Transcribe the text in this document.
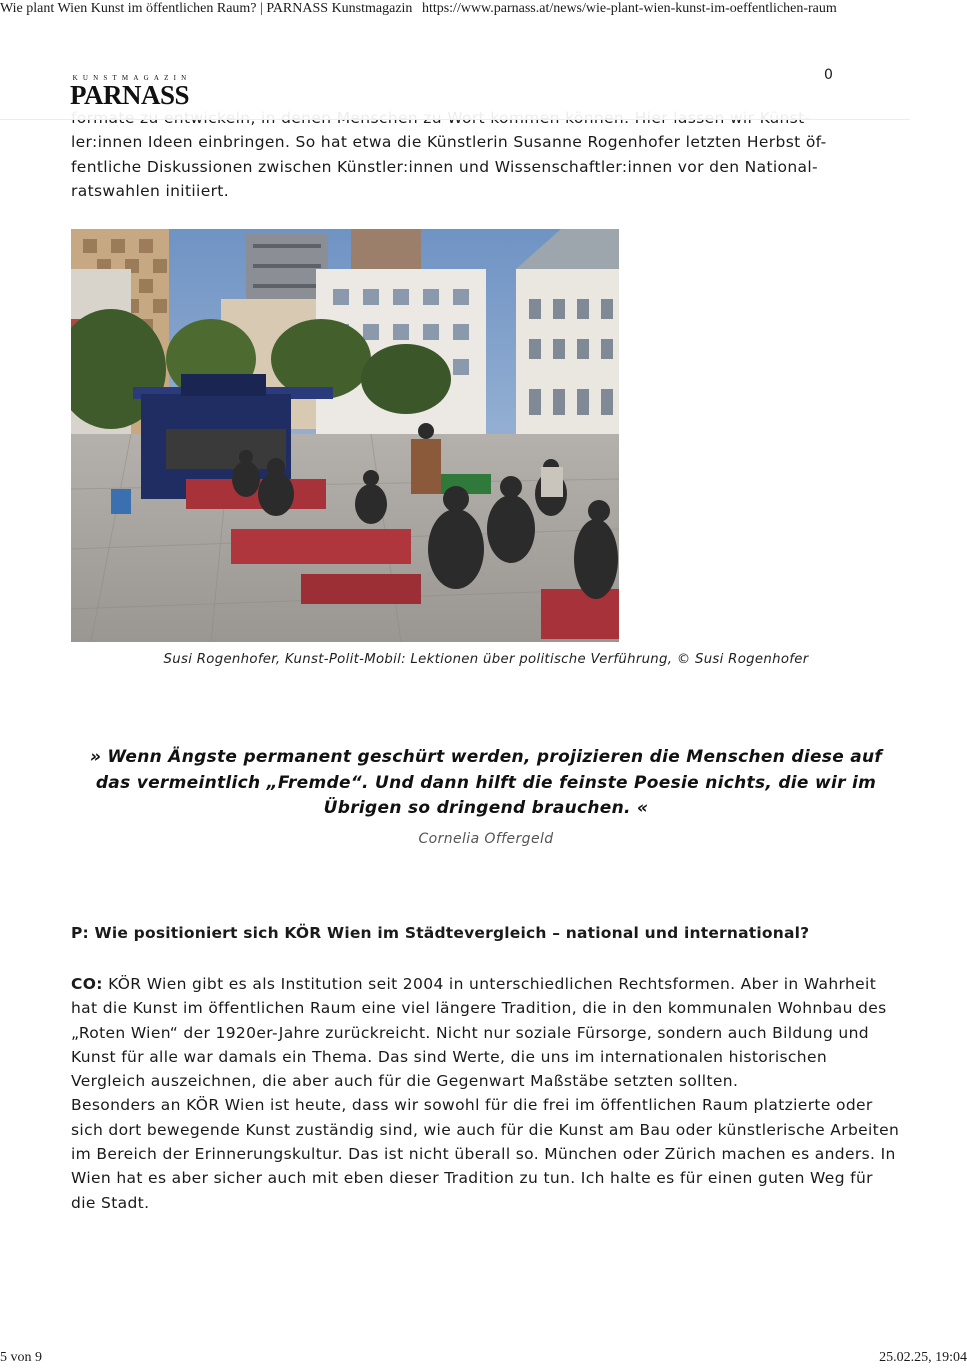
Wie plant Wien Kunst im öffentlichen Raum? | PARNASS Kunstmagazin https://www.parnass.at/news/wie-plant-wien-kunst-im-oeffentlichen-raum
ler:innen Ideen einbringen. So hat etwa die Künstlerin Susanne Rogenhofer letzten Herbst öf-
fentliche Diskussionen zwischen Künstler:innen und Wissenschaftler:innen vor den National-
ratswahlen initiiert.
KUNSTMAGAZIN
PARNASS
0
Susi Rogenhofer, Kunst-Polit-Mobil: Lektionen über politische Verführung, © Susi Rogenhofer
» Wenn Ängste permanent geschürt werden, projizieren die Menschen diese auf das vermeintlich „Fremde“. Und dann hilft die feinste Poesie nichts, die wir im Übrigen so dringend brauchen. «
Cornelia Offergeld
P: Wie positioniert sich KÖR Wien im Städtevergleich – national und international?

CO: KÖR Wien gibt es als Institution seit 2004 in unterschiedlichen Rechtsformen. Aber in Wahrheit hat die Kunst im öffentlichen Raum eine viel längere Tradition, die in den kommunalen Wohnbau des „Roten Wien“ der 1920er-Jahre zurückreicht. Nicht nur soziale Fürsorge, sondern auch Bildung und Kunst für alle war damals ein Thema. Das sind Werte, die uns im internationalen historischen Vergleich auszeichnen, die aber auch für die Gegenwart Maßstäbe setzten sollten.

Besonders an KÖR Wien ist heute, dass wir sowohl für die frei im öffentlichen Raum platzierte oder sich dort bewegende Kunst zuständig sind, wie auch für die Kunst am Bau oder künstlerische Arbeiten im Bereich der Erinnerungskultur. Das ist nicht überall so. München oder Zürich machen es anders. In Wien hat es aber sicher auch mit eben dieser Tradition zu tun. Ich halte es für einen guten Weg für die Stadt.

5 von 9	25.02.25, 19:04
